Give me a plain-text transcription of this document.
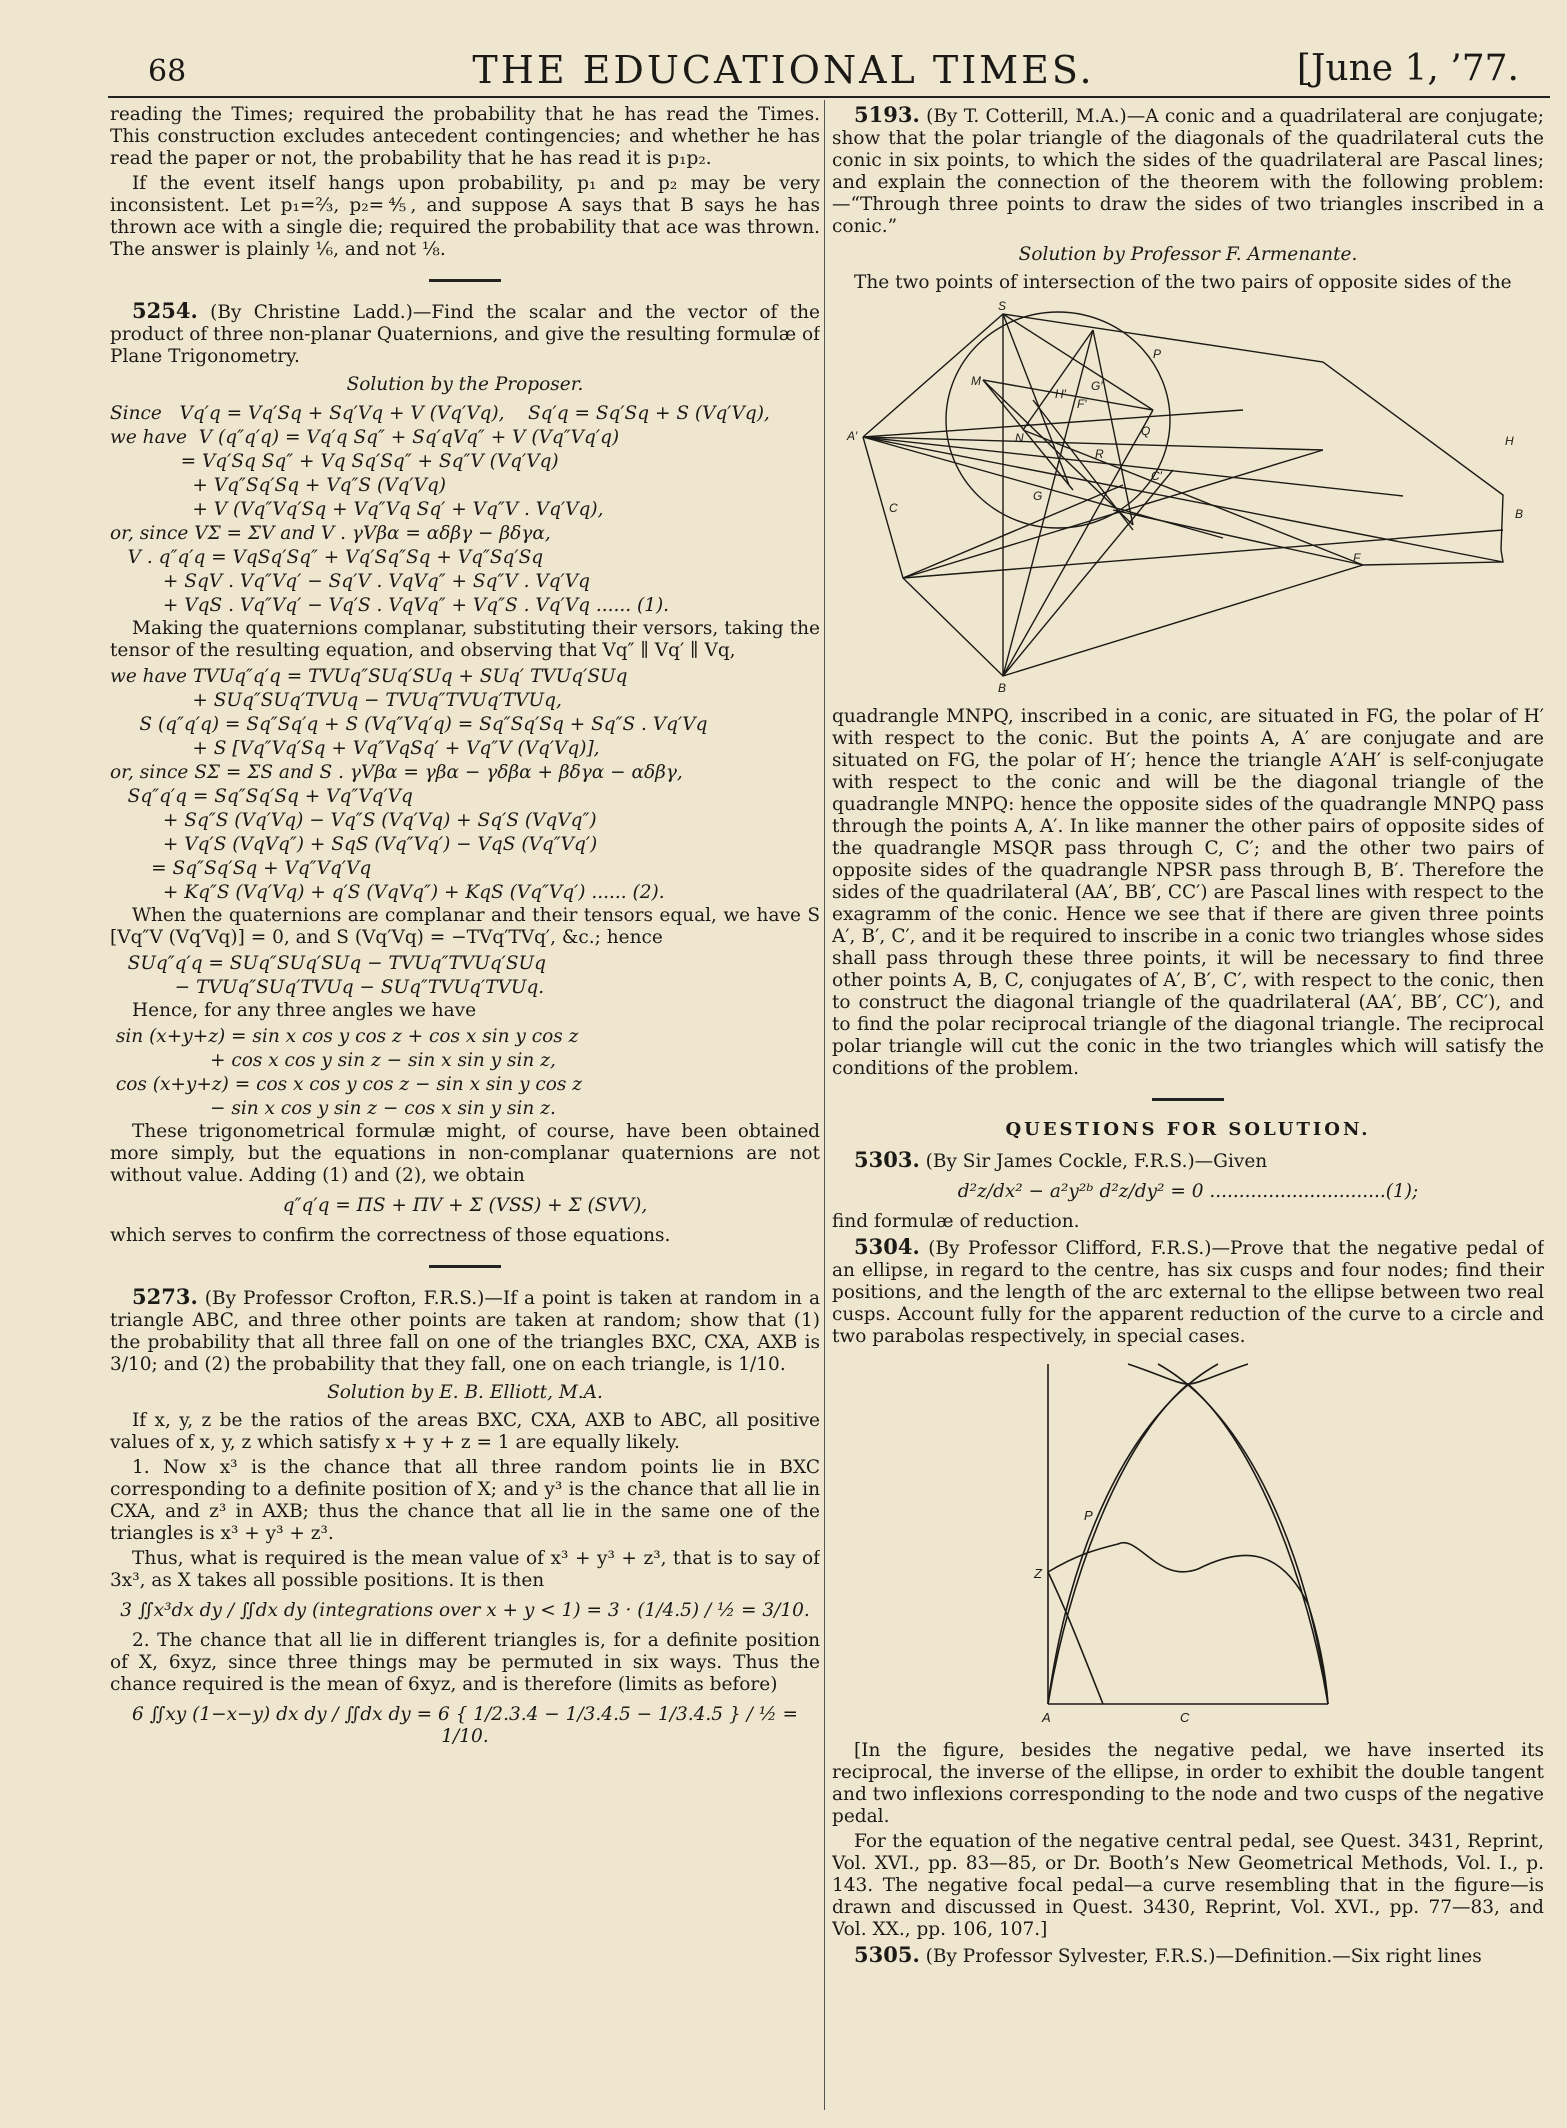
68	THE EDUCATIONAL TIMES.	[June 1, ’77.

reading the Times; required the probability that he has read the Times. This construction excludes antecedent contingencies; and whether he has read the paper or not, the probability that he has read it is p₁p₂.

If the event itself hangs upon probability, p₁ and p₂ may be very inconsistent. Let p₁=⅔, p₂=⅘, and suppose A says that B says he has thrown ace with a single die; required the probability that ace was thrown. The answer is plainly ⅙, and not ⅛.

5254. (By Christine Ladd.)—Find the scalar and the vector of the product of three non-planar Quaternions, and give the resulting formulæ of Plane Trigonometry.

Solution by the Proposer.

Since   Vq′q = Vq′Sq + Sq′Vq + V (Vq′Vq),    Sq′q = Sq′Sq + S (Vq′Vq),
we have  V (q″q′q) = Vq′q Sq″ + Sq′qVq″ + V (Vq″Vq′q)
= Vq′Sq Sq″ + Vq Sq′Sq″ + Sq″V (Vq′Vq)
+ Vq″Sq′Sq + Vq″S (Vq′Vq)
+ V (Vq″Vq′Sq + Vq″Vq Sq′ + Vq″V . Vq′Vq),
or, since VΣ = ΣV and V . γVβα = αδβγ − βδγα,
V . q″q′q = VqSq′Sq″ + Vq′Sq″Sq + Vq″Sq′Sq
+ SqV . Vq″Vq′ − Sq′V . VqVq″ + Sq″V . Vq′Vq
+ VqS . Vq″Vq′ − Vq′S . VqVq″ + Vq″S . Vq′Vq ...... (1).

Making the quaternions complanar, substituting their versors, taking the tensor of the resulting equation, and observing that Vq″ ∥ Vq′ ∥ Vq,

we have TVUq″q′q = TVUq″SUq′SUq + SUq′ TVUq′SUq
+ SUq″SUq′TVUq − TVUq″TVUq′TVUq,
S (q″q′q) = Sq″Sq′q + S (Vq″Vq′q) = Sq″Sq′Sq + Sq″S . Vq′Vq
+ S [Vq″Vq′Sq + Vq″VqSq′ + Vq″V (Vq′Vq)],
or, since SΣ = ΣS and S . γVβα = γβα − γδβα + βδγα − αδβγ,
Sq″q′q = Sq″Sq′Sq + Vq″Vq′Vq
+ Sq″S (Vq′Vq) − Vq″S (Vq′Vq) + Sq′S (VqVq″)
+ Vq′S (VqVq″) + SqS (Vq″Vq′) − VqS (Vq″Vq′)
= Sq″Sq′Sq + Vq″Vq′Vq
+ Kq″S (Vq′Vq) + q′S (VqVq″) + KqS (Vq″Vq′) ...... (2).

When the quaternions are complanar and their tensors equal, we have S [Vq″V (Vq′Vq)] = 0, and S (Vq′Vq) = −TVq′TVq′, &c.; hence

SUq″q′q = SUq″SUq′SUq − TVUq″TVUq′SUq
− TVUq″SUq′TVUq − SUq″TVUq′TVUq.

Hence, for any three angles we have

sin (x+y+z) = sin x cos y cos z + cos x sin y cos z
+ cos x cos y sin z − sin x sin y sin z,
cos (x+y+z) = cos x cos y cos z − sin x sin y cos z
− sin x cos y sin z − cos x sin y sin z.

These trigonometrical formulæ might, of course, have been obtained more simply, but the equations in non-complanar quaternions are not without value. Adding (1) and (2), we obtain

q″q′q = ΠS + ΠV + Σ (VSS) + Σ (SVV),

which serves to confirm the correctness of those equations.

5273. (By Professor Crofton, F.R.S.)—If a point is taken at random in a triangle ABC, and three other points are taken at random; show that (1) the probability that all three fall on one of the triangles BXC, CXA, AXB is 3/10; and (2) the probability that they fall, one on each triangle, is 1/10.

Solution by E. B. Elliott, M.A.

If x, y, z be the ratios of the areas BXC, CXA, AXB to ABC, all positive values of x, y, z which satisfy x + y + z = 1 are equally likely.

1. Now x³ is the chance that all three random points lie in BXC corresponding to a definite position of X; and y³ is the chance that all lie in CXA, and z³ in AXB; thus the chance that all lie in the same one of the triangles is x³ + y³ + z³.

Thus, what is required is the mean value of x³ + y³ + z³, that is to say of 3x³, as X takes all possible positions. It is then

3 ∬x³dx dy / ∬dx dy (integrations over x + y < 1) = 3 · (1/4.5) / ½ = 3/10.

2. The chance that all lie in different triangles is, for a definite position of X, 6xyz, since three things may be permuted in six ways. Thus the chance required is the mean of 6xyz, and is therefore (limits as before)

6 ∬xy (1−x−y) dx dy / ∬dx dy = 6 { 1/2.3.4 − 1/3.4.5 − 1/3.4.5 } / ½ = 1/10.

5193. (By T. Cotterill, M.A.)—A conic and a quadrilateral are conjugate; show that the polar triangle of the diagonals of the quadrilateral cuts the conic in six points, to which the sides of the quadrilateral are Pascal lines; and explain the connection of the theorem with the following problem:—“Through three points to draw the sides of two triangles inscribed in a conic.”

Solution by Professor F. Armenante.

The two points of intersection of the two pairs of opposite sides of the

S
P
M
H′
G′
F′
A′	N	Q
R
C′
G
H
C	B
F
B

quadrangle MNPQ, inscribed in a conic, are situated in FG, the polar of H′ with respect to the conic. But the points A, A′ are conjugate and are situated on FG, the polar of H′; hence the triangle A′AH′ is self-conjugate with respect to the conic and will be the diagonal triangle of the quadrangle MNPQ: hence the opposite sides of the quadrangle MNPQ pass through the points A, A′. In like manner the other pairs of opposite sides of the quadrangle MSQR pass through C, C′; and the other two pairs of opposite sides of the quadrangle NPSR pass through B, B′. Therefore the sides of the quadrilateral (AA′, BB′, CC′) are Pascal lines with respect to the exagramm of the conic. Hence we see that if there are given three points A′, B′, C′, and it be required to inscribe in a conic two triangles whose sides shall pass through these three points, it will be necessary to find three other points A, B, C, conjugates of A′, B′, C′, with respect to the conic, then to construct the diagonal triangle of the quadrilateral (AA′, BB′, CC′), and to find the polar reciprocal triangle of the diagonal triangle. The reciprocal polar triangle will cut the conic in the two triangles which will satisfy the conditions of the problem.

QUESTIONS FOR SOLUTION.

5303. (By Sir James Cockle, F.R.S.)—Given

d²z/dx² − a²y²ᵇ d²z/dy² = 0 ..............................(1);

find formulæ of reduction.

5304. (By Professor Clifford, F.R.S.)—Prove that the negative pedal of an ellipse, in regard to the centre, has six cusps and four nodes; find their positions, and the length of the arc external to the ellipse between two real cusps. Account fully for the apparent reduction of the curve to a circle and two parabolas respectively, in special cases.

P
Z
A	C

[In the figure, besides the negative pedal, we have inserted its reciprocal, the inverse of the ellipse, in order to exhibit the double tangent and two inflexions corresponding to the node and two cusps of the negative pedal.

For the equation of the negative central pedal, see Quest. 3431, Reprint, Vol. XVI., pp. 83—85, or Dr. Booth’s New Geometrical Methods, Vol. I., p. 143. The negative focal pedal—a curve resembling that in the figure—is drawn and discussed in Quest. 3430, Reprint, Vol. XVI., pp. 77—83, and Vol. XX., pp. 106, 107.]

5305. (By Professor Sylvester, F.R.S.)—Definition.—Six right lines
